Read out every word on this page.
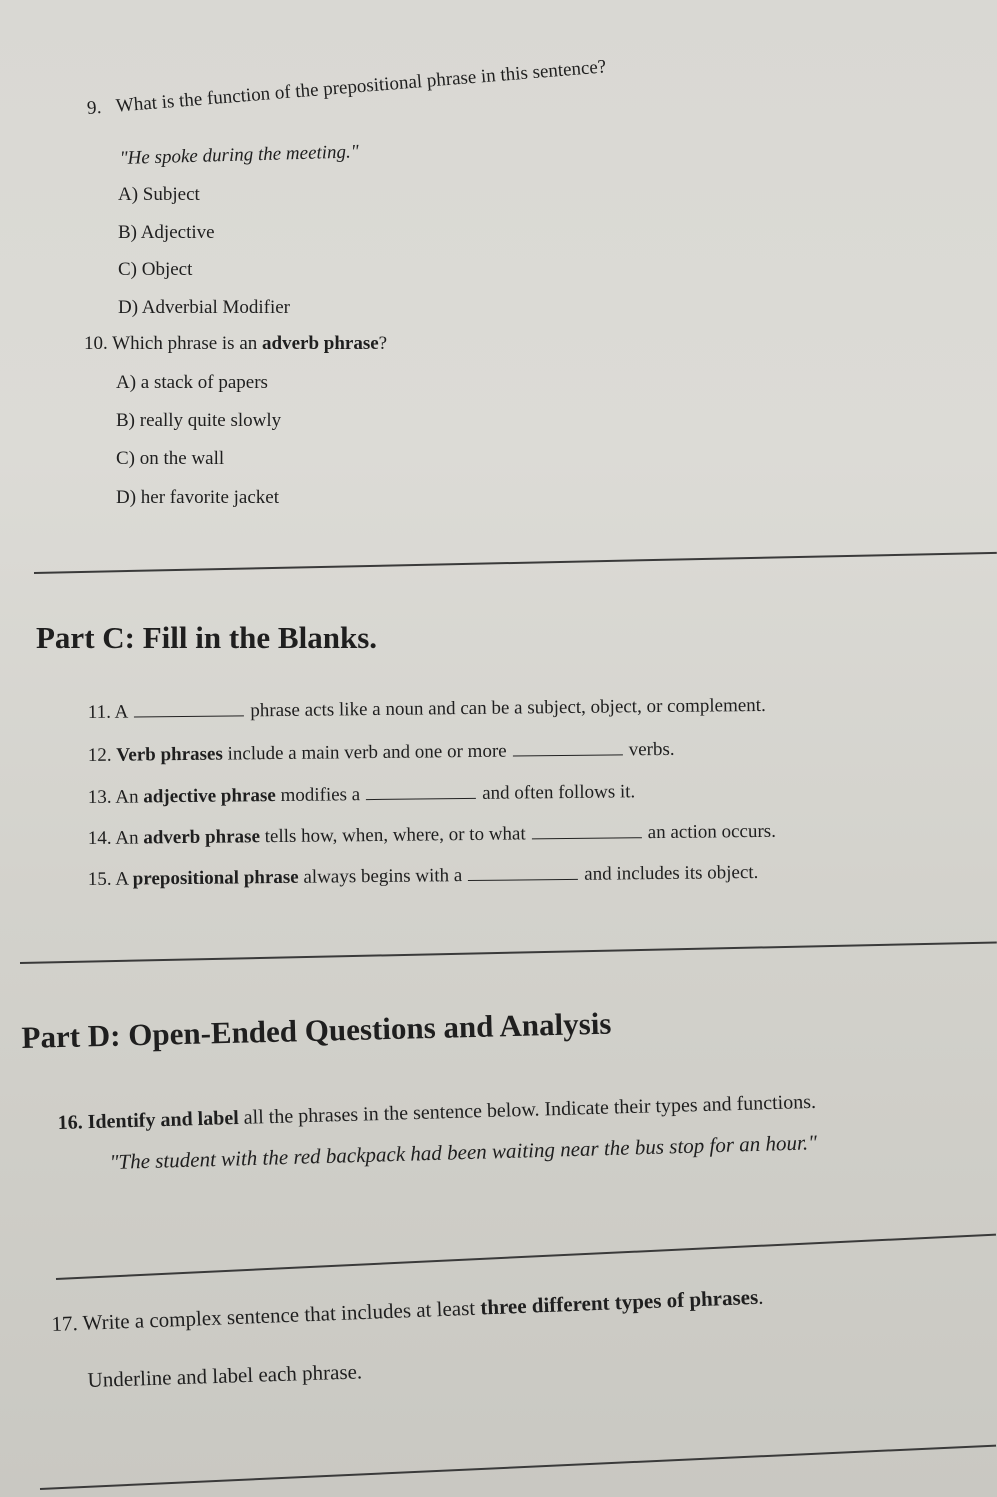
9. What is the function of the prepositional phrase in this sentence?
"He spoke during the meeting."
A) Subject
B) Adjective
C) Object
D) Adverbial Modifier
10. Which phrase is an adverb phrase?
A) a stack of papers
B) really quite slowly
C) on the wall
D) her favorite jacket
Part C: Fill in the Blanks.
11. A	phrase acts like a noun and can be a subject, object, or complement.
12. Verb phrases include a main verb and one or more	verbs.
13. An adjective phrase modifies a	and often follows it.
14. An adverb phrase tells how, when, where, or to what	an action occurs.
15. A prepositional phrase always begins with a	and includes its object.
Part D: Open-Ended Questions and Analysis
16. Identify and label all the phrases in the sentence below. Indicate their types and functions.
"The student with the red backpack had been waiting near the bus stop for an hour."
17. Write a complex sentence that includes at least three different types of phrases.
Underline and label each phrase.
